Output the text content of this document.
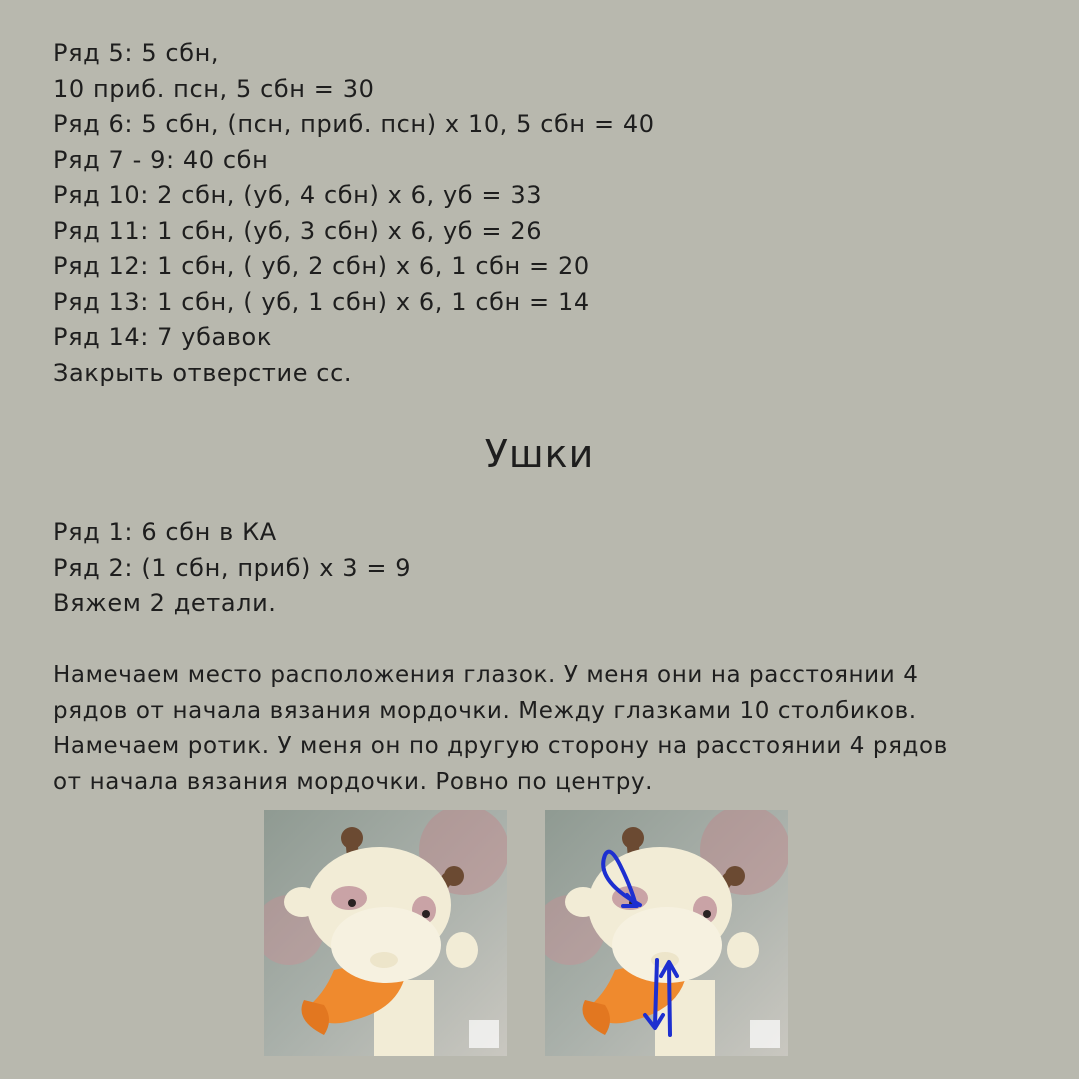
Ряд 5: 5 сбн,
10 приб. псн, 5 сбн = 30
Ряд 6: 5 сбн, (псн, приб. псн) х 10, 5 сбн = 40
Ряд 7 - 9: 40 сбн
Ряд 10: 2 сбн, (уб, 4 сбн) х 6, уб = 33
Ряд 11: 1 сбн, (уб, 3 сбн) х 6, уб = 26
Ряд 12: 1 сбн, ( уб, 2 сбн) х 6, 1 сбн = 20
Ряд 13: 1 сбн, ( уб, 1 сбн) х 6, 1 сбн = 14
Ряд 14: 7 убавок
Закрыть отверстие сс.
Ушки
Ряд 1: 6 сбн в КА
Ряд 2: (1 сбн, приб) х 3 = 9
Вяжем 2 детали.
Намечаем место расположения глазок. У меня они на расстоянии 4
рядов от начала вязания мордочки. Между глазками 10 столбиков.
Намечаем ротик. У меня он по другую сторону на расстоянии 4 рядов
от начала вязания мордочки. Ровно по центру.
